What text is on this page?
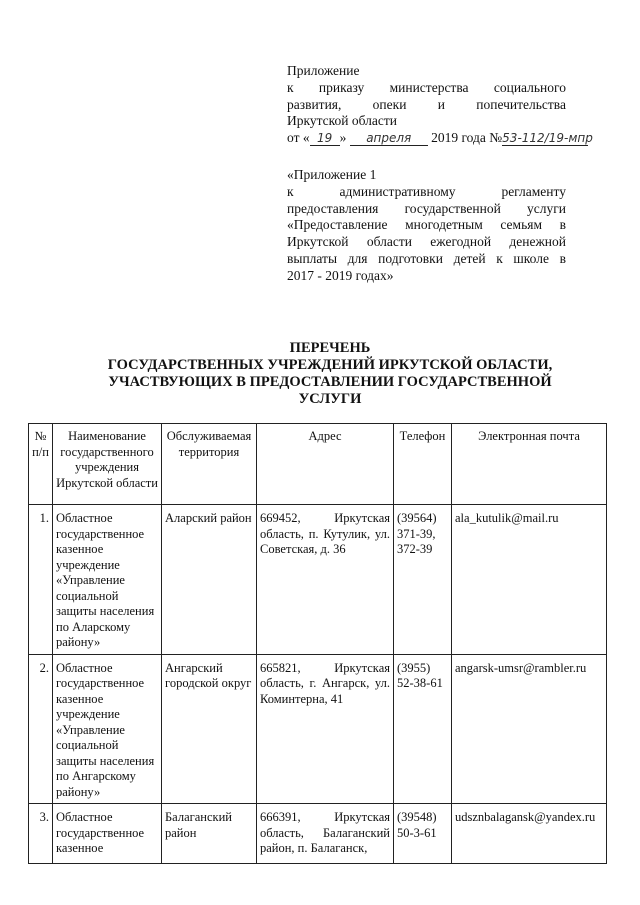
Приложение
к приказу министерства социального
развития, опеки и попечительства
Иркутской области
от « 19 » апреля 2019 года №53-112/19-мпр
«Приложение 1
к административному регламенту
предоставления государственной услуги
«Предоставление многодетным семьям в
Иркутской области ежегодной денежной
выплаты для подготовки детей к школе в
2017 - 2019 годах»
ПЕРЕЧЕНЬ
ГОСУДАРСТВЕННЫХ УЧРЕЖДЕНИЙ ИРКУТСКОЙ ОБЛАСТИ,
УЧАСТВУЮЩИХ В ПРЕДОСТАВЛЕНИИ ГОСУДАРСТВЕННОЙ
УСЛУГИ
№ п/п	Наименование государственного учреждения Иркутской области	Обслуживаемая территория	Адрес	Телефон	Электронная почта
1.	Областное государственное казенное учреждение «Управление социальной защиты населения по Аларскому району»	Аларский район	669452, Иркутская область, п. Кутулик, ул. Советская, д. 36	(39564) 371-39, 372-39	ala_kutulik@mail.ru
2.	Областное государственное казенное учреждение «Управление социальной защиты населения по Ангарскому району»	Ангарский городской округ	665821, Иркутская область, г. Ангарск, ул. Коминтерна, 41	(3955) 52-38-61	angarsk-umsr@rambler.ru
3.	Областное государственное казенное	Балаганский район	666391, Иркутская область, Балаганский район, п. Балаганск,	(39548) 50-3-61	udsznbalagansk@yandex.ru
